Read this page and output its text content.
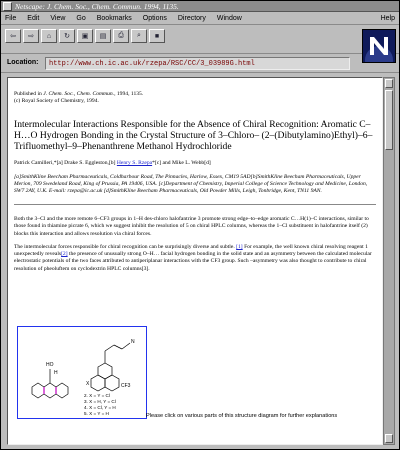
Netscape: J. Chem. Soc., Chem. Commun. 1994, 1135.
File Edit View Go Bookmarks Options Directory Window	Help
⇦ ⇨ ⌂ ↻ ▣ ▤ ⎙ ⌕ ■
Location:	http://www.ch.ic.ac.uk/rzepa/RSC/CC/3_03989G.html

Published in J. Chem. Soc., Chem. Commun., 1994, 1135.
(c) Royal Society of Chemistry, 1994.

Intermolecular Interactions Responsible for the Absence of Chiral Recognition: Aromatic C–H…O Hydrogen Bonding in the Crystal Structure of 3–Chloro– (2–(Dibutylamino)Ethyl)–6–Trifluomethyl–9–Phenanthrene Methanol Hydrochloride

Patrick Camilleri,*[a] Drake S. Eggleston,[b] Henry S. Rzepa*[c] and Mike L. Webb[d]

[a]SmithKline Beecham Pharmaceuticals, Coldharbour Road, The Pinnacles, Harlow, Essex, CM19 5AD[b]SmithKline Beecham Pharmaceuticals, Upper Merion, 709 Swedeland Road, King of Prussia, PA 19406, USA. [c]Department of Chemistry, Imperial College of Science Technology and Medicine, London, SW7 2AY, U.K. E-mail: rzepa@ic.ac.uk [d]SmithKline Beecham Pharmaceuticals, Old Powder Mills, Leigh, Tonbridge, Kent, TN11 9AN.

Both the 3–Cl and the more remote 6–CF3 groups in 1–H des-chloro halofantrine 3 promote strong edge–to–edge aromatic C…H(1)–C interactions, similar to those found in thiamine picrate 6, which we suggest inhibit the resolution of 5 on chiral HPLC columns, whereas the 1–Cl substituent in halofantrine itself (2) blocks this interaction and allows resolution via chiral forces.

The intermolecular forces responsible for chiral recognition can be surprisingly diverse and subtle. [1] For example, the well known chiral resolving reagent 1 unexpectedly reveals[2] the presence of unusually strong O–H… facial hydrogen bonding in the solid state and an asymmetry between the calculated molecular electrostatic potentials of the two faces attributed to antiperiplanar interactions with the CF3 group. Such –asymmetry was also thought to contribute to chiral resolution of pheoluftem on cyclodextrin HPLC columns[3].

HO
H
N
CF3
X
2. X = Y = Cl
3. X = H, Y = Cl
4. X = Cl, Y = H
5. X = Y = H	Please click on various parts of this structure diagram for further explanations
